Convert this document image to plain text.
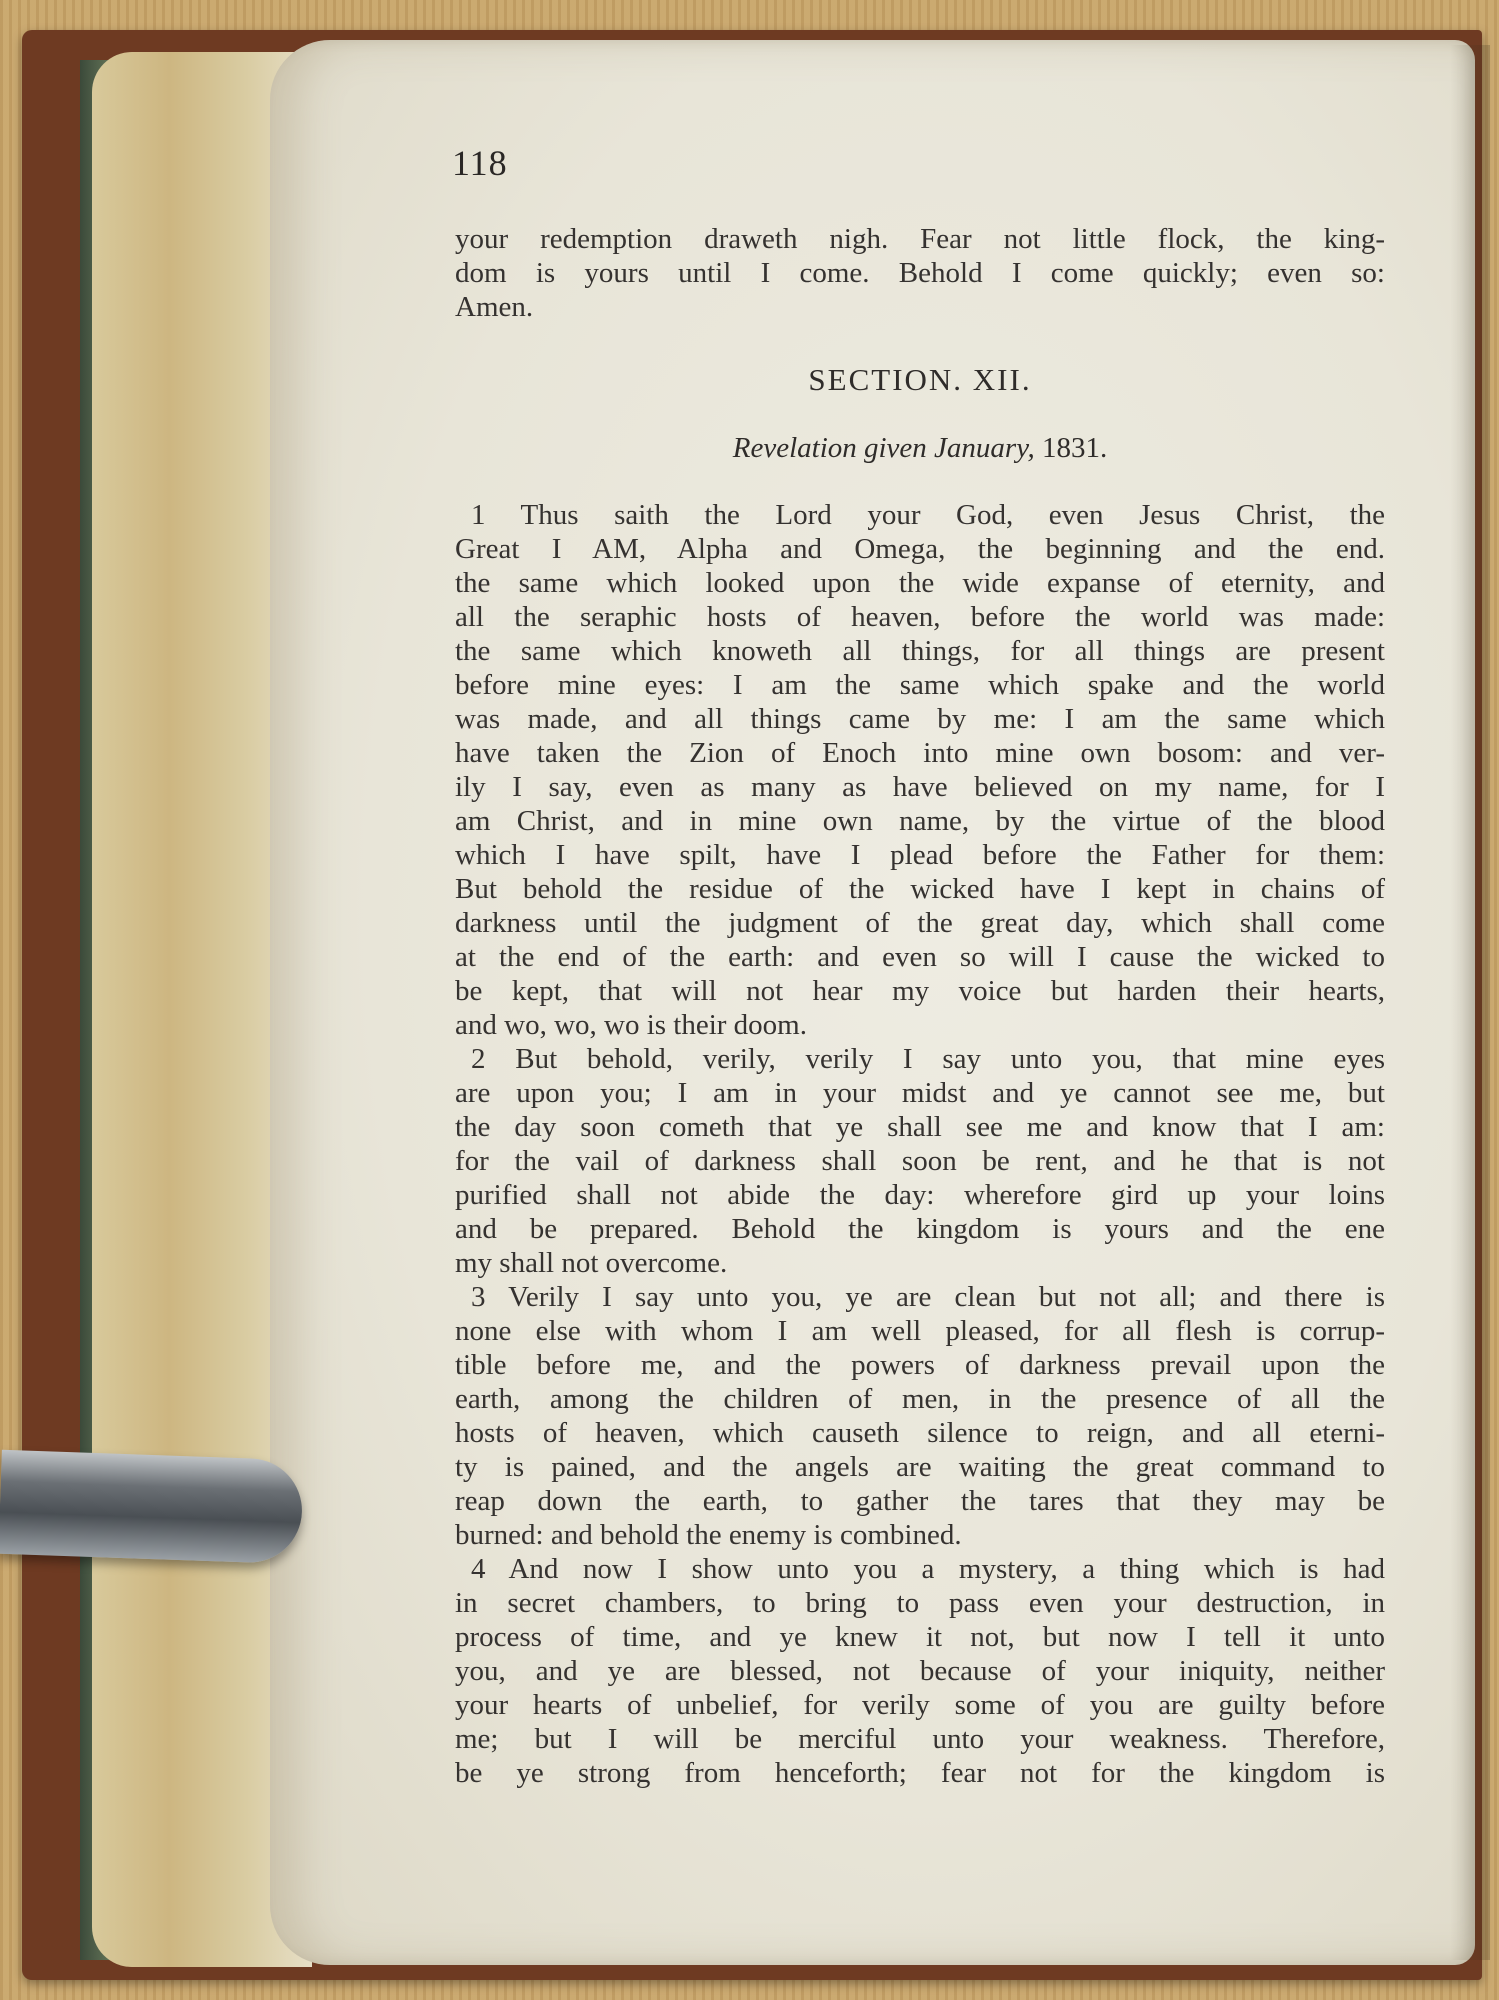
118
your redemption draweth nigh. Fear not little flock, the king-
dom is yours until I come. Behold I come quickly; even so:
Amen.
SECTION. XII.
Revelation given January, 1831.
1 Thus saith the Lord your God, even Jesus Christ, the
Great I AM, Alpha and Omega, the beginning and the end.
the same which looked upon the wide expanse of eternity, and
all the seraphic hosts of heaven, before the world was made:
the same which knoweth all things, for all things are present
before mine eyes: I am the same which spake and the world
was made, and all things came by me: I am the same which
have taken the Zion of Enoch into mine own bosom: and ver-
ily I say, even as many as have believed on my name, for I
am Christ, and in mine own name, by the virtue of the blood
which I have spilt, have I plead before the Father for them:
But behold the residue of the wicked have I kept in chains of
darkness until the judgment of the great day, which shall come
at the end of the earth: and even so will I cause the wicked to
be kept, that will not hear my voice but harden their hearts,
and wo, wo, wo is their doom.
2 But behold, verily, verily I say unto you, that mine eyes
are upon you; I am in your midst and ye cannot see me, but
the day soon cometh that ye shall see me and know that I am:
for the vail of darkness shall soon be rent, and he that is not
purified shall not abide the day: wherefore gird up your loins
and be prepared. Behold the kingdom is yours and the ene
my shall not overcome.
3 Verily I say unto you, ye are clean but not all; and there is
none else with whom I am well pleased, for all flesh is corrup-
tible before me, and the powers of darkness prevail upon the
earth, among the children of men, in the presence of all the
hosts of heaven, which causeth silence to reign, and all eterni-
ty is pained, and the angels are waiting the great command to
reap down the earth, to gather the tares that they may be
burned: and behold the enemy is combined.
4 And now I show unto you a mystery, a thing which is had
in secret chambers, to bring to pass even your destruction, in
process of time, and ye knew it not, but now I tell it unto
you, and ye are blessed, not because of your iniquity, neither
your hearts of unbelief, for verily some of you are guilty before
me; but I will be merciful unto your weakness. Therefore,
be ye strong from henceforth; fear not for the kingdom is
